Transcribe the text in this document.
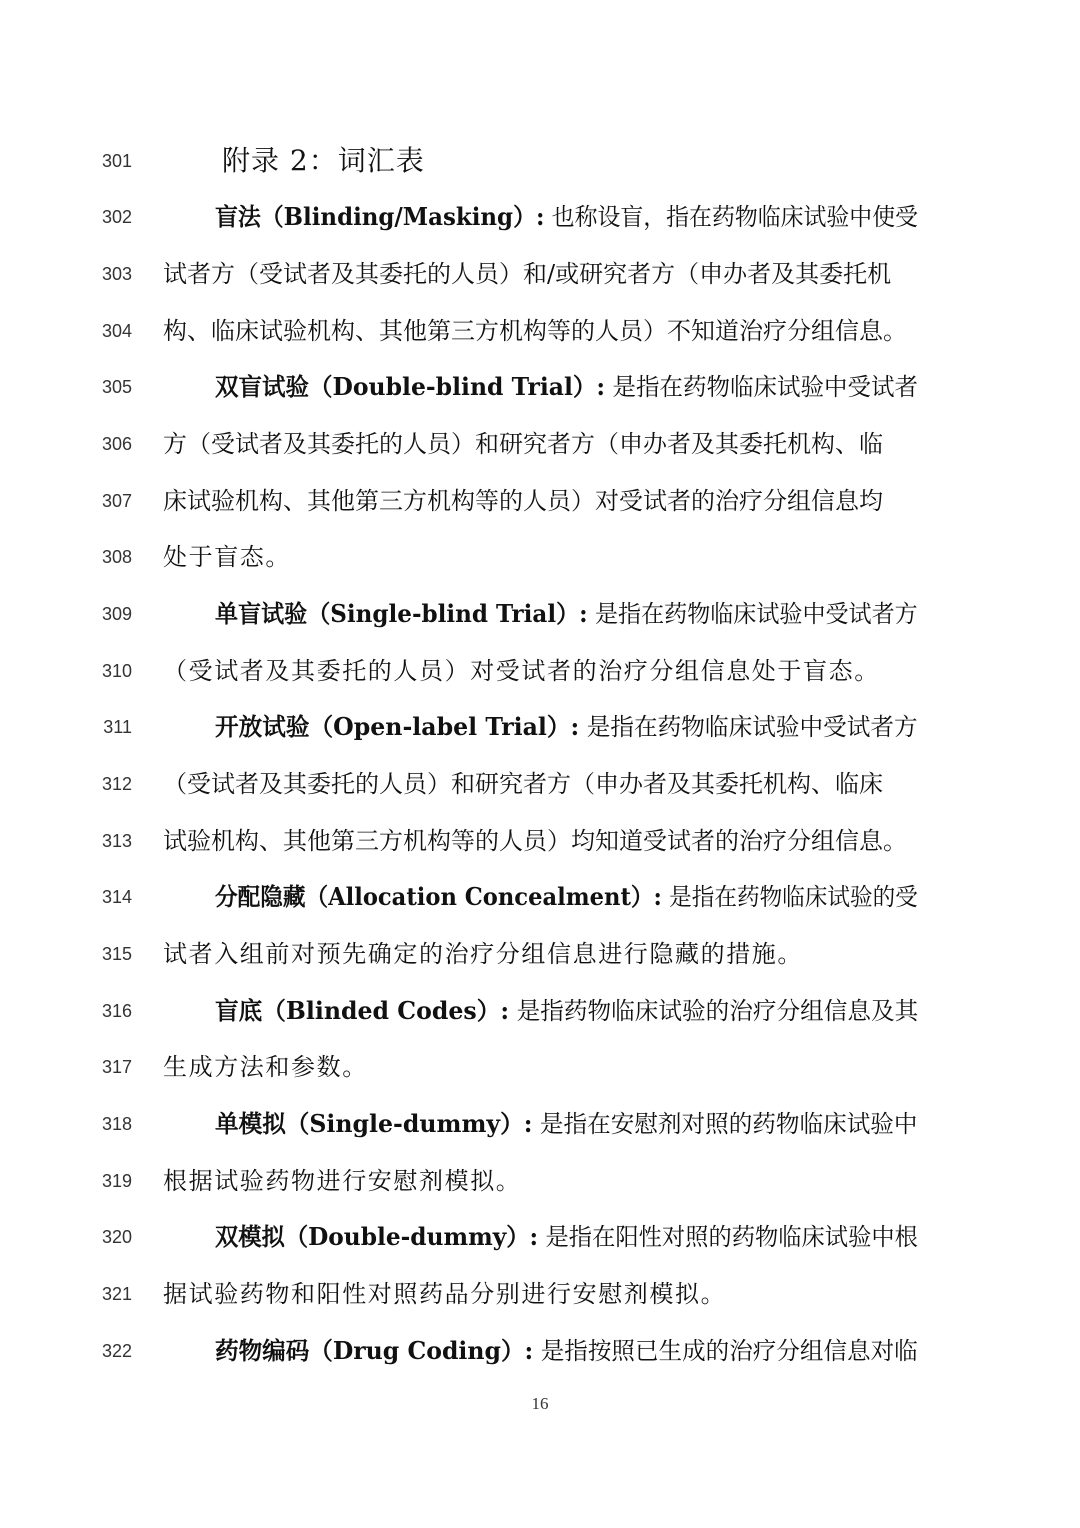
301	附录 2：词汇表
302	盲法（Blinding/Masking）: 也称设盲，指在药物临床试验中使受
303 试者方（受试者及其委托的人员）和/或研究者方（申办者及其委托机
304 构、临床试验机构、其他第三方机构等的人员）不知道治疗分组信息。
305	双盲试验（Double-blind Trial）: 是指在药物临床试验中受试者
306 方（受试者及其委托的人员）和研究者方（申办者及其委托机构、临
307 床试验机构、其他第三方机构等的人员）对受试者的治疗分组信息均
308 处于盲态。
309	单盲试验（Single-blind Trial）: 是指在药物临床试验中受试者方
310 （受试者及其委托的人员）对受试者的治疗分组信息处于盲态。
311	开放试验（Open-label Trial）: 是指在药物临床试验中受试者方
312 （受试者及其委托的人员）和研究者方（申办者及其委托机构、临床
313 试验机构、其他第三方机构等的人员）均知道受试者的治疗分组信息。
314	分配隐藏（Allocation Concealment）: 是指在药物临床试验的受
315 试者入组前对预先确定的治疗分组信息进行隐藏的措施。
316	盲底（Blinded Codes）: 是指药物临床试验的治疗分组信息及其
317 生成方法和参数。
318	单模拟（Single-dummy）: 是指在安慰剂对照的药物临床试验中
319 根据试验药物进行安慰剂模拟。
320	双模拟（Double-dummy）: 是指在阳性对照的药物临床试验中根
321 据试验药物和阳性对照药品分别进行安慰剂模拟。
322	药物编码（Drug Coding）: 是指按照已生成的治疗分组信息对临
16
